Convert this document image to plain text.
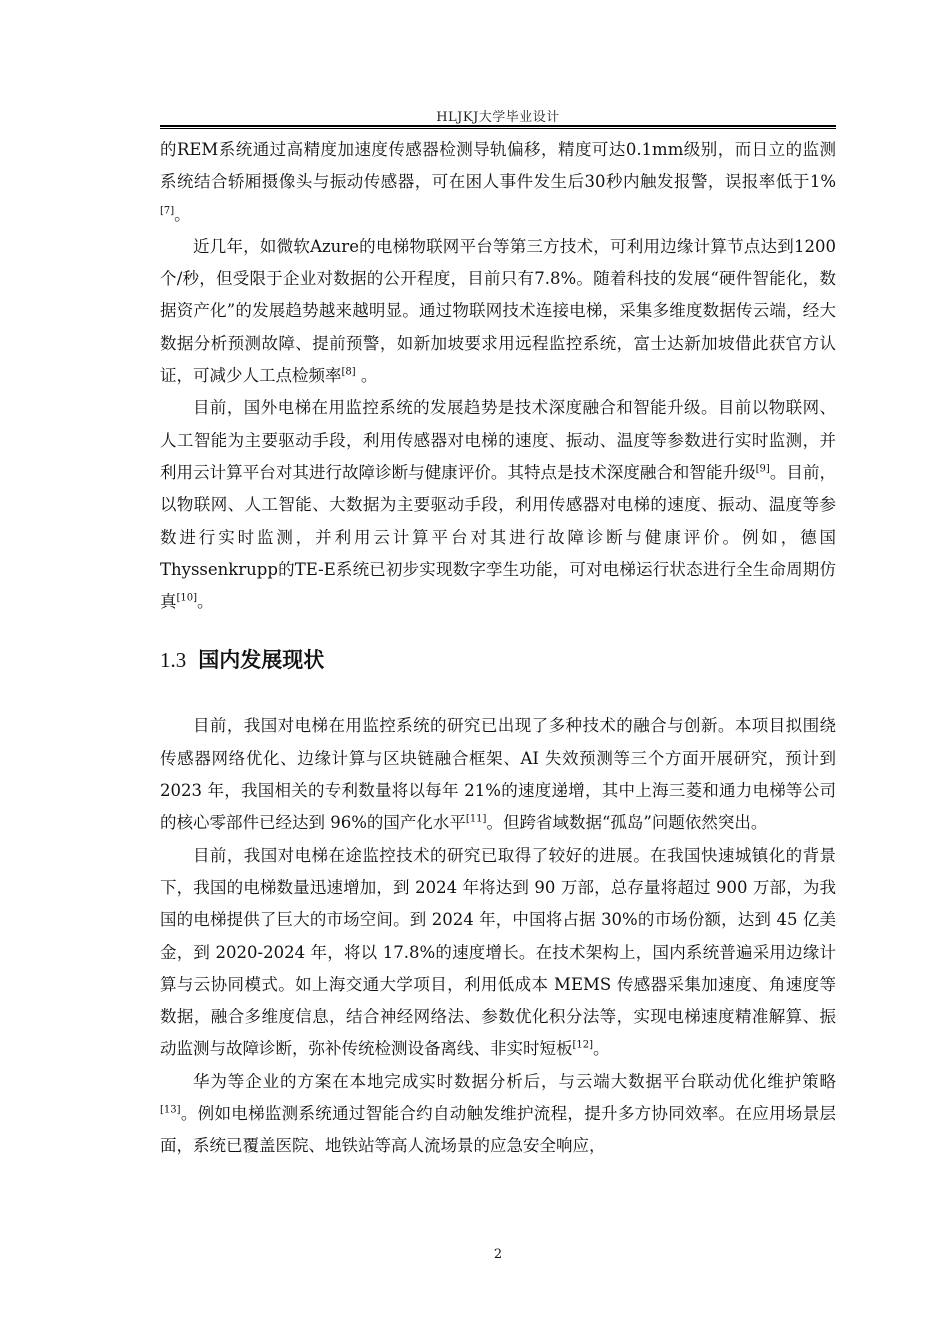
HLJKJ大学毕业设计

的REM系统通过高精度加速度传感器检测导轨偏移，精度可达0.1mm级别，而日立的监测系统结合轿厢摄像头与振动传感器，可在困人事件发生后30秒内触发报警，误报率低于1%[7]。

近几年，如微软Azure的电梯物联网平台等第三方技术，可利用边缘计算节点达到1200个/秒，但受限于企业对数据的公开程度，目前只有7.8%。随着科技的发展“硬件智能化，数据资产化”的发展趋势越来越明显。通过物联网技术连接电梯，采集多维度数据传云端，经大数据分析预测故障、提前预警，如新加坡要求用远程监控系统，富士达新加坡借此获官方认证，可减少人工点检频率[8] 。

目前，国外电梯在用监控系统的发展趋势是技术深度融合和智能升级。目前以物联网、人工智能为主要驱动手段，利用传感器对电梯的速度、振动、温度等参数进行实时监测，并利用云计算平台对其进行故障诊断与健康评价。其特点是技术深度融合和智能升级[9]。目前，以物联网、人工智能、大数据为主要驱动手段，利用传感器对电梯的速度、振动、温度等参数进行实时监测，并利用云计算平台对其进行故障诊断与健康评价。例如，德国Thyssenkrupp的TE-E系统已初步实现数字孪生功能，可对电梯运行状态进行全生命周期仿真[10]。

1.3 国内发展现状

目前，我国对电梯在用监控系统的研究已出现了多种技术的融合与创新。本项目拟围绕传感器网络优化、边缘计算与区块链融合框架、AI 失效预测等三个方面开展研究，预计到 2023 年，我国相关的专利数量将以每年 21%的速度递增，其中上海三菱和通力电梯等公司的核心零部件已经达到 96%的国产化水平[11]。但跨省域数据“孤岛”问题依然突出。

目前，我国对电梯在途监控技术的研究已取得了较好的进展。在我国快速城镇化的背景下，我国的电梯数量迅速增加，到 2024 年将达到 90 万部，总存量将超过 900 万部，为我国的电梯提供了巨大的市场空间。到 2024 年，中国将占据 30%的市场份额，达到 45 亿美金，到 2020-2024 年，将以 17.8%的速度增长。在技术架构上，国内系统普遍采用边缘计算与云协同模式。如上海交通大学项目，利用低成本 MEMS 传感器采集加速度、角速度等数据，融合多维度信息，结合神经网络法、参数优化积分法等，实现电梯速度精准解算、振动监测与故障诊断，弥补传统检测设备离线、非实时短板[12]。

华为等企业的方案在本地完成实时数据分析后，与云端大数据平台联动优化维护策略[13]。例如电梯监测系统通过智能合约自动触发维护流程，提升多方协同效率。在应用场景层面，系统已覆盖医院、地铁站等高人流场景的应急安全响应，

2
